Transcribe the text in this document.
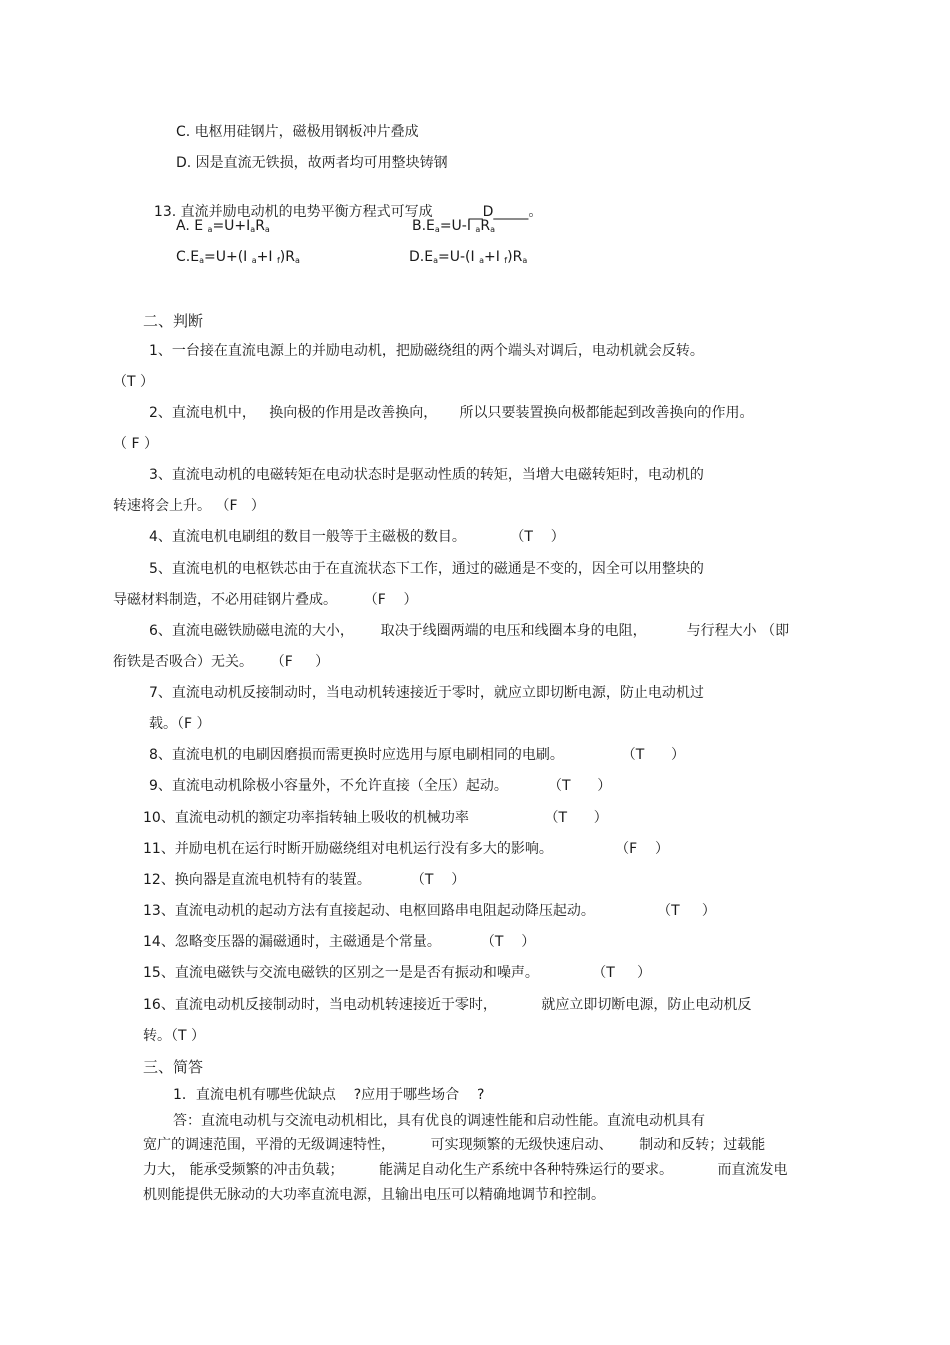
C. 电枢用硅钢片，磁极用钢板冲片叠成
D. 因是直流无铁损，故两者均可用整块铸钢

13. 直流并励电动机的电势平衡方程式可写成	__D_____。

A. E $_a=U+I_aR_a$	$B.E_a=U-I$ $_aR_a$
$C.E_a=U+(I$ $_a$+I $_f)R_a$	$D.E_a=U-(I$ $_a$+I $_f)R_a$
二、判断
1、一台接在直流电源上的并励电动机，把励磁绕组的两个端头对调后，电动机就会反转。
（T ）
2、直流电机中，   换向极的作用是改善换向，     所以只要装置换向极都能起到改善换向的作用。
（ F ）
3、直流电动机的电磁转矩在电动状态时是驱动性质的转矩，当增大电磁转矩时，电动机的
转速将会上升。 （F   ）
4、直流电机电刷组的数目一般等于主磁极的数目。          （T    ）
5、直流电机的电枢铁芯由于在直流状态下工作，通过的磁通是不变的，因全可以用整块的
导磁材料制造，不必用硅钢片叠成。      （F    ）
6、直流电磁铁励磁电流的大小，      取决于线圈两端的电压和线圈本身的电阻，         与行程大小 （即
衔铁是否吸合）无关。    （F     ）
7、直流电动机反接制动时，当电动机转速接近于零时，就应立即切断电源，防止电动机过
载。（F ）
8、直流电机的电刷因磨损而需更换时应选用与原电刷相同的电刷。             （T      ）
9、直流电动机除极小容量外，不允许直接（全压）起动。         （T      ）
10、直流电动机的额定功率指转轴上吸收的机械功率                 （T      ）
11、并励电机在运行时断开励磁绕组对电机运行没有多大的影响。              （F    ）
12、换向器是直流电机特有的装置。         （T    ）
13、直流电动机的起动方法有直接起动、电枢回路串电阻起动降压起动。              （T     ）
14、忽略变压器的漏磁通时，主磁通是个常量。         （T    ）
15、直流电磁铁与交流电磁铁的区别之一是是否有振动和噪声。            （T     ）
16、直流电动机反接制动时，当电动机转速接近于零时，          就应立即切断电源，防止电动机反
转。（T ）
三、简答
1．直流电机有哪些优缺点    ?应用于哪些场合    ?
答：直流电动机与交流电动机相比，具有优良的调速性能和启动性能。直流电动机具有
宽广的调速范围，平滑的无级调速特性，        可实现频繁的无级快速启动、      制动和反转；过载能
力大， 能承受频繁的冲击负载；        能满足自动化生产系统中各种特殊运行的要求。          而直流发电
机则能提供无脉动的大功率直流电源，且输出电压可以精确地调节和控制。
